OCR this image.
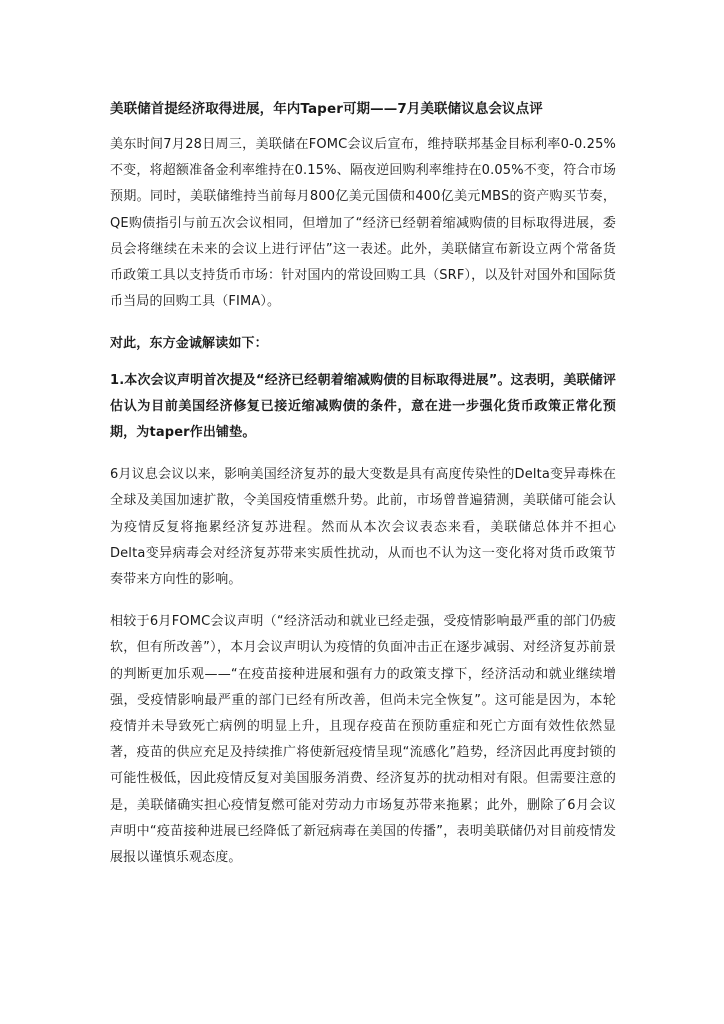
美联储首提经济取得进展，年内Taper可期——7月美联储议息会议点评

美东时间7月28日周三，美联储在FOMC会议后宣布，维持联邦基金目标利率0-0.25%不变，将超额准备金利率维持在0.15%、隔夜逆回购利率维持在0.05%不变，符合市场预期。同时，美联储维持当前每月800亿美元国债和400亿美元MBS的资产购买节奏，QE购债指引与前五次会议相同，但增加了“经济已经朝着缩减购债的目标取得进展，委员会将继续在未来的会议上进行评估”这一表述。此外，美联储宣布新设立两个常备货币政策工具以支持货币市场：针对国内的常设回购工具（SRF），以及针对国外和国际货币当局的回购工具（FIMA）。

对此，东方金诚解读如下：

1.本次会议声明首次提及“经济已经朝着缩减购债的目标取得进展”。这表明，美联储评估认为目前美国经济修复已接近缩减购债的条件，意在进一步强化货币政策正常化预期，为taper作出铺垫。

6月议息会议以来，影响美国经济复苏的最大变数是具有高度传染性的Delta变异毒株在全球及美国加速扩散，令美国疫情重燃升势。此前，市场曾普遍猜测，美联储可能会认为疫情反复将拖累经济复苏进程。然而从本次会议表态来看，美联储总体并不担心Delta变异病毒会对经济复苏带来实质性扰动，从而也不认为这一变化将对货币政策节奏带来方向性的影响。

相较于6月FOMC会议声明（“经济活动和就业已经走强，受疫情影响最严重的部门仍疲软，但有所改善”），本月会议声明认为疫情的负面冲击正在逐步减弱、对经济复苏前景的判断更加乐观——“在疫苗接种进展和强有力的政策支撑下，经济活动和就业继续增强，受疫情影响最严重的部门已经有所改善，但尚未完全恢复”。这可能是因为，本轮疫情并未导致死亡病例的明显上升，且现存疫苗在预防重症和死亡方面有效性依然显著，疫苗的供应充足及持续推广将使新冠疫情呈现“流感化”趋势，经济因此再度封锁的可能性极低，因此疫情反复对美国服务消费、经济复苏的扰动相对有限。但需要注意的是，美联储确实担心疫情复燃可能对劳动力市场复苏带来拖累；此外，删除了6月会议声明中“疫苗接种进展已经降低了新冠病毒在美国的传播”，表明美联储仍对目前疫情发展报以谨慎乐观态度。
